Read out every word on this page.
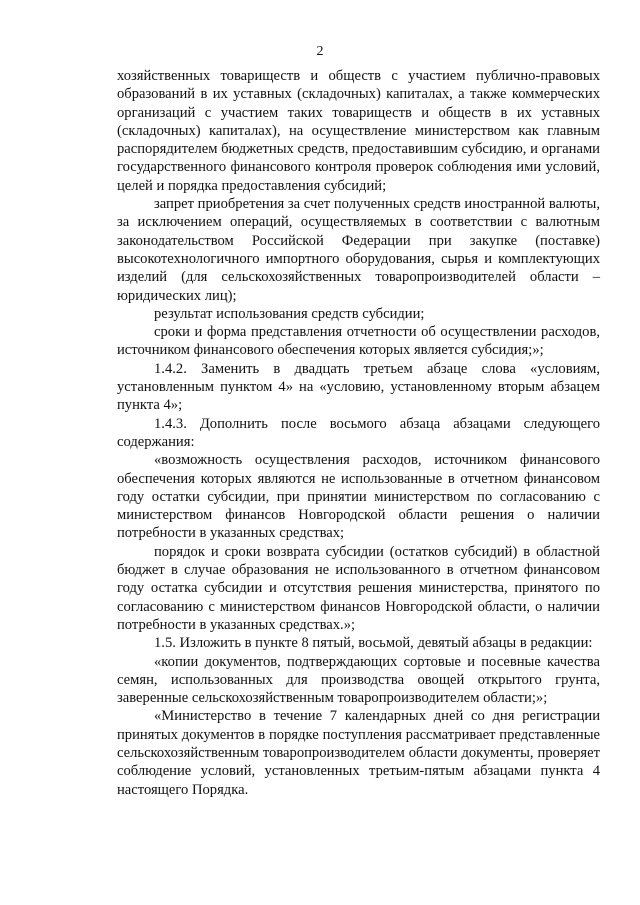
2

хозяйственных товариществ и обществ с участием публично-правовых образований в их уставных (складочных) капиталах, а также коммерческих организаций с участием таких товариществ и обществ в их уставных (складочных) капиталах), на осуществление министерством как главным распорядителем бюджетных средств, предоставившим субсидию, и органами государственного финансового контроля проверок соблюдения ими условий, целей и порядка предоставления субсидий;

запрет приобретения за счет полученных средств иностранной валюты, за исключением операций, осуществляемых в соответствии с валютным законодательством Российской Федерации при закупке (поставке) высокотехнологичного импортного оборудования, сырья и комплектующих изделий (для сельскохозяйственных товаропроизводителей области – юридических лиц);

результат использования средств субсидии;

сроки и форма представления отчетности об осуществлении расходов, источником финансового обеспечения которых является субсидия;»;

1.4.2. Заменить в двадцать третьем абзаце слова «условиям, установленным пунктом 4» на «условию, установленному вторым абзацем пункта 4»;

1.4.3. Дополнить после восьмого абзаца абзацами следующего содержания:

«возможность осуществления расходов, источником финансового обеспечения которых являются не использованные в отчетном финансовом году остатки субсидии, при принятии министерством по согласованию с министерством финансов Новгородской области решения о наличии потребности в указанных средствах;

порядок и сроки возврата субсидии (остатков субсидий) в областной бюджет в случае образования не использованного в отчетном финансовом году остатка субсидии и отсутствия решения министерства, принятого по согласованию с министерством финансов Новгородской области, о наличии потребности в указанных средствах.»;

1.5. Изложить в пункте 8 пятый, восьмой, девятый абзацы в редакции:

«копии документов, подтверждающих сортовые и посевные качества семян, использованных для производства овощей открытого грунта, заверенные сельскохозяйственным товаропроизводителем области;»;

«Министерство в течение 7 календарных дней со дня регистрации принятых документов в порядке поступления рассматривает представленные сельскохозяйственным товаропроизводителем области документы, проверяет соблюдение условий, установленных третьим-пятым абзацами пункта 4 настоящего Порядка.
